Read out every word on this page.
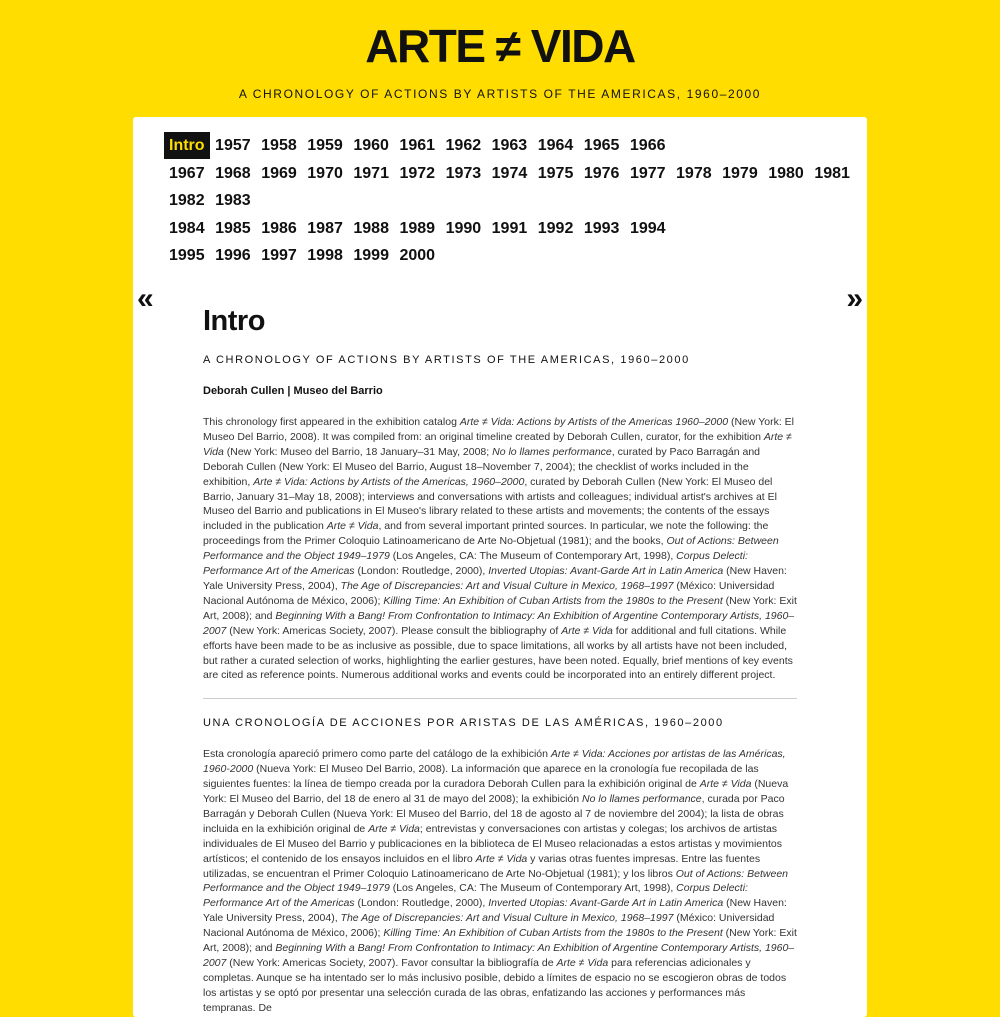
ARTE ≠ VIDA
A CHRONOLOGY OF ACTIONS BY ARTISTS OF THE AMERICAS, 1960–2000
Intro 1957 1958 1959 1960 1961 1962 1963 1964 1965 1966
1967 1968 1969 1970 1971 1972 1973 1974 1975 1976 1977 1978 1979 1980 1981
1982 1983
1984 1985 1986 1987 1988 1989 1990 1991 1992 1993 1994
1995 1996 1997 1998 1999 2000
«	»
Intro
A CHRONOLOGY OF ACTIONS BY ARTISTS OF THE AMERICAS, 1960–2000
Deborah Cullen | Museo del Barrio
This chronology first appeared in the exhibition catalog Arte ≠ Vida: Actions by Artists of the Americas 1960–2000 (New York: El Museo Del Barrio, 2008). It was compiled from: an original timeline created by Deborah Cullen, curator, for the exhibition Arte ≠ Vida (New York: Museo del Barrio, 18 January–31 May, 2008; No lo llames performance, curated by Paco Barragán and Deborah Cullen (New York: El Museo del Barrio, August 18–November 7, 2004); the checklist of works included in the exhibition, Arte ≠ Vida: Actions by Artists of the Americas, 1960–2000, curated by Deborah Cullen (New York: El Museo del Barrio, January 31–May 18, 2008); interviews and conversations with artists and colleagues; individual artist's archives at El Museo del Barrio and publications in El Museo's library related to these artists and movements; the contents of the essays included in the publication Arte ≠ Vida, and from several important printed sources. In particular, we note the following: the proceedings from the Primer Coloquio Latinoamericano de Arte No-Objetual (1981); and the books, Out of Actions: Between Performance and the Object 1949–1979 (Los Angeles, CA: The Museum of Contemporary Art, 1998), Corpus Delecti: Performance Art of the Americas (London: Routledge, 2000), Inverted Utopias: Avant-Garde Art in Latin America (New Haven: Yale University Press, 2004), The Age of Discrepancies: Art and Visual Culture in Mexico, 1968–1997 (México: Universidad Nacional Autónoma de México, 2006); Killing Time: An Exhibition of Cuban Artists from the 1980s to the Present (New York: Exit Art, 2008); and Beginning With a Bang! From Confrontation to Intimacy: An Exhibition of Argentine Contemporary Artists, 1960–2007 (New York: Americas Society, 2007). Please consult the bibliography of Arte ≠ Vida for additional and full citations. While efforts have been made to be as inclusive as possible, due to space limitations, all works by all artists have not been included, but rather a curated selection of works, highlighting the earlier gestures, have been noted. Equally, brief mentions of key events are cited as reference points. Numerous additional works and events could be incorporated into an entirely different project.
UNA CRONOLOGÍA DE ACCIONES POR ARISTAS DE LAS AMÉRICAS, 1960–2000
Esta cronología apareció primero como parte del catálogo de la exhibición Arte ≠ Vida: Acciones por artistas de las Américas, 1960-2000 (Nueva York: El Museo Del Barrio, 2008). La información que aparece en la cronología fue recopilada de las siguientes fuentes: la línea de tiempo creada por la curadora Deborah Cullen para la exhibición original de Arte ≠ Vida (Nueva York: El Museo del Barrio, del 18 de enero al 31 de mayo del 2008); la exhibición No lo llames performance, curada por Paco Barragán y Deborah Cullen (Nueva York: El Museo del Barrio, del 18 de agosto al 7 de noviembre del 2004); la lista de obras incluida en la exhibición original de Arte ≠ Vida; entrevistas y conversaciones con artistas y colegas; los archivos de artistas individuales de El Museo del Barrio y publicaciones en la biblioteca de El Museo relacionadas a estos artistas y movimientos artísticos; el contenido de los ensayos incluidos en el libro Arte ≠ Vida y varias otras fuentes impresas. Entre las fuentes utilizadas, se encuentran el Primer Coloquio Latinoamericano de Arte No-Objetual (1981); y los libros Out of Actions: Between Performance and the Object 1949–1979 (Los Angeles, CA: The Museum of Contemporary Art, 1998), Corpus Delecti: Performance Art of the Americas (London: Routledge, 2000), Inverted Utopias: Avant-Garde Art in Latin America (New Haven: Yale University Press, 2004), The Age of Discrepancies: Art and Visual Culture in Mexico, 1968–1997 (México: Universidad Nacional Autónoma de México, 2006); Killing Time: An Exhibition of Cuban Artists from the 1980s to the Present (New York: Exit Art, 2008); and Beginning With a Bang! From Confrontation to Intimacy: An Exhibition of Argentine Contemporary Artists, 1960–2007 (New York: Americas Society, 2007). Favor consultar la bibliografía de Arte ≠ Vida para referencias adicionales y completas. Aunque se ha intentado ser lo más inclusivo posible, debido a límites de espacio no se escogieron obras de todos los artistas y se optó por presentar una selección curada de las obras, enfatizando las acciones y performances más tempranas. De
